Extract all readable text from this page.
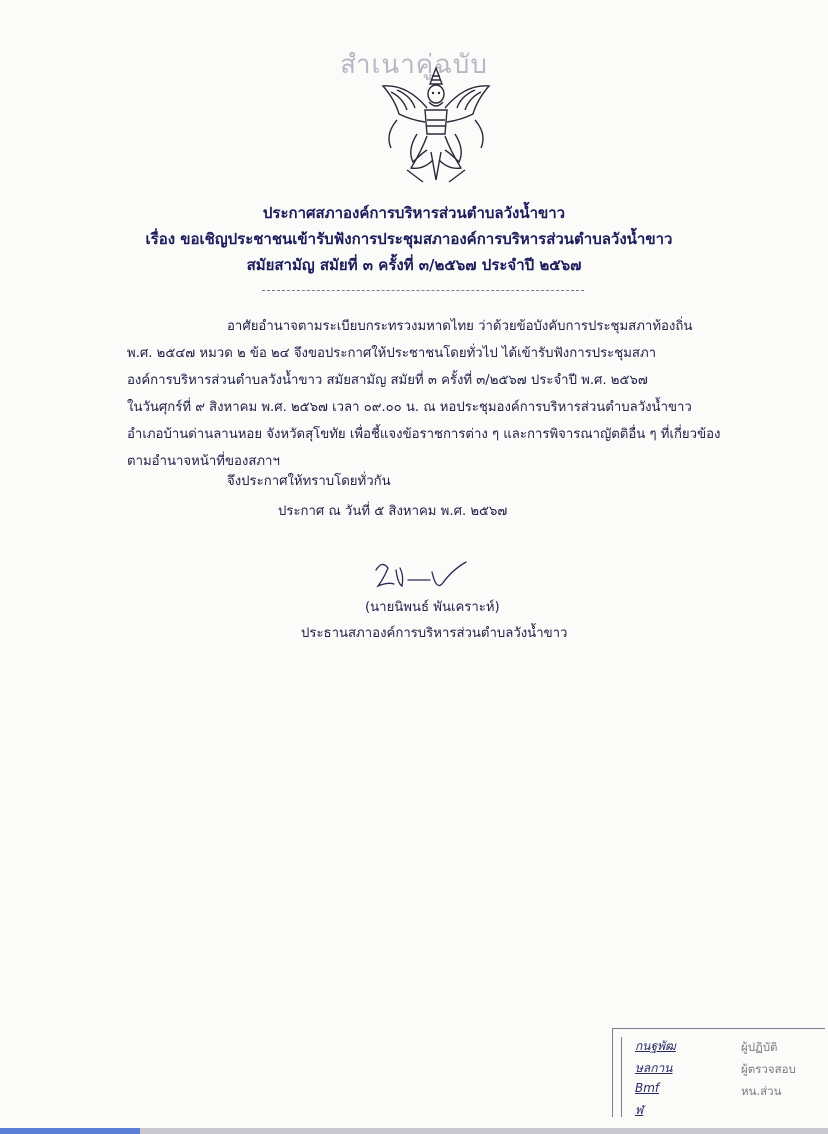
สำเนาคู่ฉบับ
ประกาศสภาองค์การบริหารส่วนตำบลวังน้ำขาว
เรื่อง ขอเชิญประชาชนเข้ารับฟังการประชุมสภาองค์การบริหารส่วนตำบลวังน้ำขาว
สมัยสามัญ สมัยที่ ๓ ครั้งที่ ๓/๒๕๖๗ ประจำปี ๒๕๖๗

อาศัยอำนาจตามระเบียบกระทรวงมหาดไทย ว่าด้วยข้อบังคับการประชุมสภาท้องถิ่น

พ.ศ. ๒๕๔๗ หมวด ๒ ข้อ ๒๔ จึงขอประกาศให้ประชาชนโดยทั่วไป ได้เข้ารับฟังการประชุมสภา

องค์การบริหารส่วนตำบลวังน้ำขาว สมัยสามัญ สมัยที่ ๓ ครั้งที่ ๓/๒๕๖๗ ประจำปี พ.ศ. ๒๕๖๗

ในวันศุกร์ที่ ๙ สิงหาคม พ.ศ. ๒๕๖๗ เวลา ๐๙.๐๐ น. ณ หอประชุมองค์การบริหารส่วนตำบลวังน้ำขาว

อำเภอบ้านด่านลานหอย จังหวัดสุโขทัย เพื่อชี้แจงข้อราชการต่าง ๆ และการพิจารณาญัตติอื่น ๆ ที่เกี่ยวข้อง

ตามอำนาจหน้าที่ของสภาฯ

จึงประกาศให้ทราบโดยทั่วกัน
ประกาศ ณ วันที่ ๕ สิงหาคม พ.ศ. ๒๕๖๗
(นายนิพนธ์ พันเคราะห์)
ประธานสภาองค์การบริหารส่วนตำบลวังน้ำขาว
กนฐพัฒ	ผู้ปฏิบัติ
ษลกาน	ผู้ตรวจสอบ
Bmf	หน.ส่วน
ฬ
